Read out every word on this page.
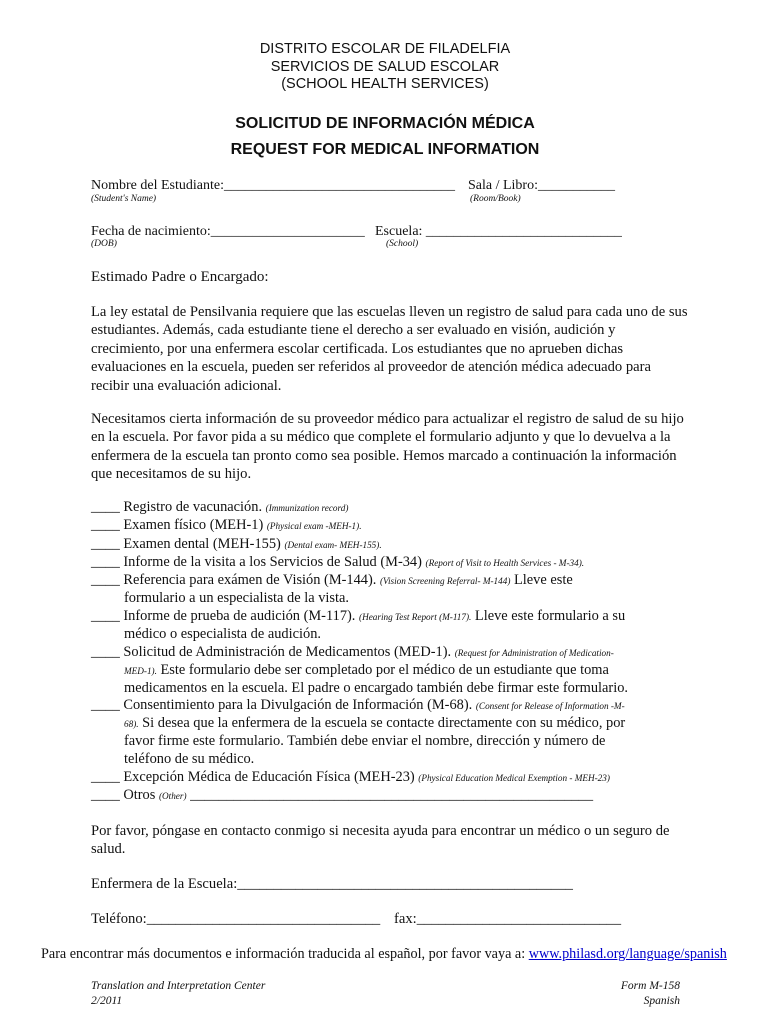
DISTRITO ESCOLAR DE FILADELFIA
SERVICIOS DE SALUD ESCOLAR
(SCHOOL HEALTH SERVICES)
SOLICITUD DE INFORMACIÓN MÉDICA
REQUEST FOR MEDICAL INFORMATION
Nombre del Estudiante:_________________________________ Sala / Libro:___________
(Student's Name)	(Room/Book)
Fecha de nacimiento:______________________ Escuela: ____________________________
(DOB)	(School)
Estimado Padre o Encargado:
La ley estatal de Pensilvania requiere que las escuelas lleven un registro de salud para cada uno de sus estudiantes. Además, cada estudiante tiene el derecho a ser evaluado en visión, audición y crecimiento, por una enfermera escolar certificada. Los estudiantes que no aprueben dichas evaluaciones en la escuela, pueden ser referidos al proveedor de atención médica adecuado para recibir una evaluación adicional.
Necesitamos cierta información de su proveedor médico para actualizar el registro de salud de su hijo en la escuela. Por favor pida a su médico que complete el formulario adjunto y que lo devuelva a la enfermera de la escuela tan pronto como sea posible. Hemos marcado a continuación la información que necesitamos de su hijo.
____ Registro de vacunación. (Immunization record)
____ Examen físico (MEH-1) (Physical exam -MEH-1).
____ Examen dental (MEH-155) (Dental exam- MEH-155).
____ Informe de la visita a los Servicios de Salud (M-34) (Report of Visit to Health Services - M-34).
____ Referencia para exámen de Visión (M-144). (Vision Screening Referral- M-144) Lleve este
formulario a un especialista de la vista.
____ Informe de prueba de audición (M-117). (Hearing Test Report (M-117). Lleve este formulario a su
médico o especialista de audición.
____ Solicitud de Administración de Medicamentos (MED-1). (Request for Administration of Medication-
MED-1). Este formulario debe ser completado por el médico de un estudiante que toma
medicamentos en la escuela. El padre o encargado también debe firmar este formulario.
____ Consentimiento para la Divulgación de Información (M-68). (Consent for Release of Information -M-
68). Si desea que la enfermera de la escuela se contacte directamente con su médico, por
favor firme este formulario. También debe enviar el nombre, dirección y número de
teléfono de su médico.
____ Excepción Médica de Educación Física (MEH-23) (Physical Education Medical Exemption - MEH-23)
____ Otros (Other) ________________________________________________________
Por favor, póngase en contacto conmigo si necesita ayuda para encontrar un médico o un seguro de salud.
Enfermera de la Escuela:______________________________________________
Teléfono:________________________________ fax:____________________________
Para encontrar más documentos e información traducida al español, por favor vaya a: www.philasd.org/language/spanish
Translation and Interpretation Center
2/2011
Form M-158
Spanish
